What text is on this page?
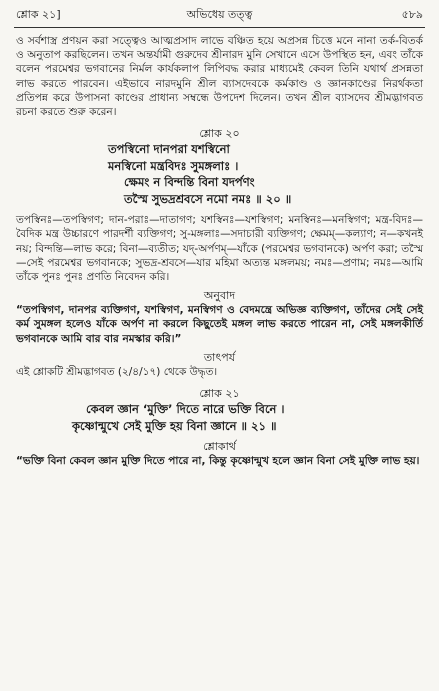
শ্লোক ২১]	অভিধেয় তত্ত্ব	৫৮৯

ও সর্বশাস্ত্র প্রণয়ন করা সত্ত্বেও আত্মপ্রসাদ লাভে বঞ্চিত হয়ে অপ্রসন্ন চিত্তে মনে নানা তর্ক-বিতর্ক ও অনুতাপ করছিলেন। তখন অন্তর্যামী গুরুদেব শ্রীনারদ মুনি সেখানে এসে উপস্থিত হন, এবং তাঁকে বলেন পরমেশ্বর ভগবানের নির্মল কার্যকলাপ লিপিবদ্ধ করার মাধ্যমেই কেবল তিনি যথার্থ প্রসন্নতা লাভ করতে পারবেন। এইভাবে নারদমুনি শ্রীল ব্যাসদেবকে কর্মকাণ্ড ও জ্ঞানকাণ্ডের নিরর্থকতা প্রতিপন্ন করে উপাসনা কাণ্ডের প্রাধান্য সম্বন্ধে উপদেশ দিলেন। তখন শ্রীল ব্যাসদেব শ্রীমদ্ভাগবত রচনা করতে শুরু করেন।

শ্লোক ২০
তপস্বিনো দানপরা যশস্বিনো
মনস্বিনো মন্ত্রবিদঃ সুমঙ্গলাঃ ।
ক্ষেমং ন বিন্দন্তি বিনা যদর্পণং
তস্মৈ সুভদ্রশ্রবসে নমো নমঃ ॥ ২০ ॥

তপস্বিনঃ—তপস্বিগণ; দান-পরাঃ—দাতাগণ; যশস্বিনঃ—যশস্বিগণ; মনস্বিনঃ—মনস্বিগণ; মন্ত্র-বিদঃ—বৈদিক মন্ত্র উচ্চারণে পারদর্শী ব্যক্তিগণ; সু-মঙ্গলাঃ—সদাচারী ব্যক্তিগণ; ক্ষেমম্—কল্যাণ; ন—কখনই নয়; বিন্দন্তি—লাভ করে; বিনা—ব্যতীত; যদ্-অর্পণম্—যাঁকে (পরমেশ্বর ভগবানকে) অর্পণ করা; তস্মৈ—সেই পরমেশ্বর ভগবানকে; সুভদ্র-শ্রবসে—যার মহিমা অত্যন্ত মঙ্গলময়; নমঃ—প্রণাম; নমঃ—আমি তাঁকে পুনঃ পুনঃ প্রণতি নিবেদন করি।

অনুবাদ

“তপস্বিগণ, দানপর ব্যক্তিগণ, যশস্বিগণ, মনস্বিগণ ও বেদমন্ত্রে অভিজ্ঞ ব্যক্তিগণ, তাঁদের সেই সেই কর্ম সুমঙ্গল হলেও যাঁকে অর্পণ না করলে কিছুতেই মঙ্গল লাভ করতে পারেন না, সেই মঙ্গলকীর্তি ভগবানকে আমি বার বার নমস্কার করি।”

তাৎপর্য

এই শ্লোকটি শ্রীমদ্ভাগবত (২/৪/১৭) থেকে উদ্ধৃত।

শ্লোক ২১
কেবল জ্ঞান ‘মুক্তি’ দিতে নারে ভক্তি বিনে ।
কৃষ্ণোন্মুখে সেই মুক্তি হয় বিনা জ্ঞানে ॥ ২১ ॥
শ্লোকার্থ

“ভক্তি বিনা কেবল জ্ঞান মুক্তি দিতে পারে না, কিন্তু কৃষ্ণোন্মুখ হলে জ্ঞান বিনা সেই মুক্তি লাভ হয়।
